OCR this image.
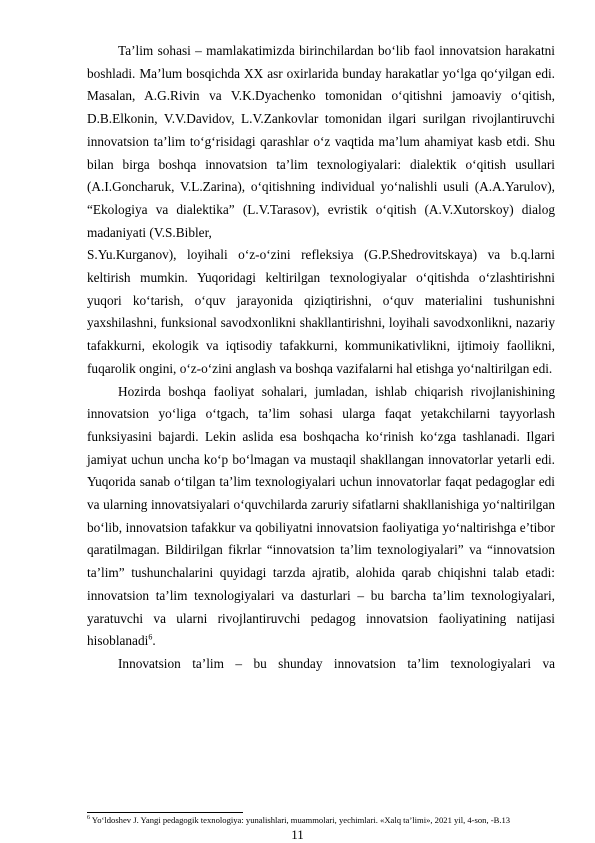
Ta’lim sohasi – mamlakatimizda birinchilardan bo‘lib faol innovatsion harakatni boshladi. Ma’lum bosqichda XX asr oxirlarida bunday harakatlar yo‘lga qo‘yilgan edi. Masalan, A.G.Rivin va V.K.Dyachenko tomonidan o‘qitishni jamoaviy o‘qitish, D.B.Elkonin, V.V.Davidov, L.V.Zankovlar tomonidan ilgari surilgan rivojlantiruvchi innovatsion ta’lim to‘g‘risidagi qarashlar o‘z vaqtida ma’lum ahamiyat kasb etdi. Shu bilan birga boshqa innovatsion ta’lim texnologiyalari: dialektik o‘qitish usullari (A.I.Goncharuk, V.L.Zarina), o‘qitishning individual yo‘nalishli usuli (A.A.Yarulov), “Ekologiya va dialektika” (L.V.Tarasov), evristik o‘qitish (A.V.Xutorskoy) dialog madaniyati (V.S.Bibler,

S.Yu.Kurganov), loyihali o‘z-o‘zini refleksiya (G.P.Shedrovitskaya) va b.q.larni keltirish mumkin. Yuqoridagi keltirilgan texnologiyalar o‘qitishda o‘zlashtirishni yuqori ko‘tarish, o‘quv jarayonida qiziqtirishni, o‘quv materialini tushunishni yaxshilashni, funksional savodxonlikni shakllantirishni, loyihali savodxonlikni, nazariy tafakkurni, ekologik va iqtisodiy tafakkurni, kommunikativlikni, ijtimoiy faollikni, fuqarolik ongini, o‘z-o‘zini anglash va boshqa vazifalarni hal etishga yo‘naltirilgan edi.

Hozirda boshqa faoliyat sohalari, jumladan, ishlab chiqarish rivojlanishining innovatsion yo‘liga o‘tgach, ta’lim sohasi ularga faqat yetakchilarni tayyorlash funksiyasini bajardi. Lekin aslida esa boshqacha ko‘rinish ko‘zga tashlanadi. Ilgari jamiyat uchun uncha ko‘p bo‘lmagan va mustaqil shakllangan innovatorlar yetarli edi. Yuqorida sanab o‘tilgan ta’lim texnologiyalari uchun innovatorlar faqat pedagoglar edi va ularning innovatsiyalari o‘quvchilarda zaruriy sifatlarni shakllanishiga yo‘naltirilgan bo‘lib, innovatsion tafakkur va qobiliyatni innovatsion faoliyatiga yo‘naltirishga e’tibor qaratilmagan. Bildirilgan fikrlar “innovatsion ta’lim texnologiyalari” va “innovatsion ta’lim” tushunchalarini quyidagi tarzda ajratib, alohida qarab chiqishni talab etadi: innovatsion ta’lim texnologiyalari va dasturlari – bu barcha ta’lim texnologiyalari, yaratuvchi va ularni rivojlantiruvchi pedagog innovatsion faoliyatining natijasi hisoblanadi$^6$.

Innovatsion ta’lim – bu shunday innovatsion ta’lim texnologiyalari va

$^6$ Yo‘ldoshev J. Yangi pedagogik texnologiya: yunalishlari, muammolari, yechimlari. «Xalq ta’limi», 2021 yil, 4-son, -B.13
11
